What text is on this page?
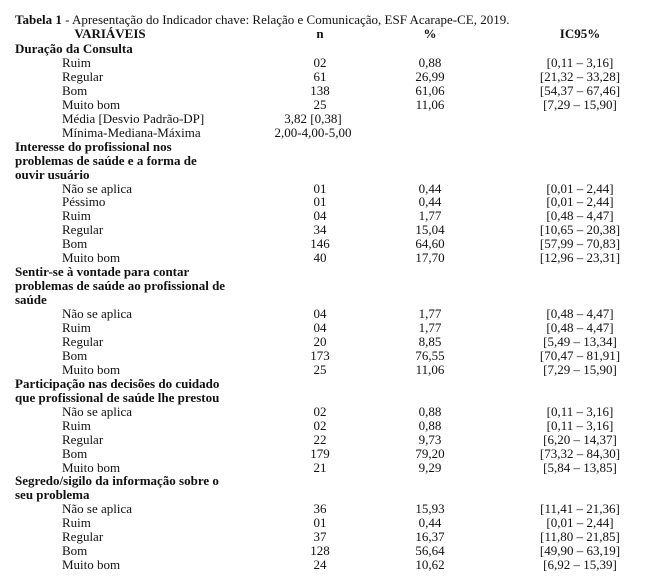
Tabela 1 - Apresentação do Indicador chave: Relação e Comunicação, ESF Acarape-CE, 2019.
VARIÁVEIS	n	%	IC95%
Duração da Consulta
Ruim	02	0,88	[0,11 – 3,16]
Regular	61	26,99	[21,32 – 33,28]
Bom	138	61,06	[54,37 – 67,46]
Muito bom	25	11,06	[7,29 – 15,90]
Média [Desvio Padrão-DP]	3,82 [0,38]
Mínima-Mediana-Máxima	2,00-4,00-5,00
Interesse do profissional nos
problemas de saúde e a forma de
ouvir usuário
Não se aplica	01	0,44	[0,01 – 2,44]
Péssimo	01	0,44	[0,01 – 2,44]
Ruim	04	1,77	[0,48 – 4,47]
Regular	34	15,04	[10,65 – 20,38]
Bom	146	64,60	[57,99 – 70,83]
Muito bom	40	17,70	[12,96 – 23,31]
Sentir-se à vontade para contar
problemas de saúde ao profissional de
saúde
Não se aplica	04	1,77	[0,48 – 4,47]
Ruim	04	1,77	[0,48 – 4,47]
Regular	20	8,85	[5,49 – 13,34]
Bom	173	76,55	[70,47 – 81,91]
Muito bom	25	11,06	[7,29 – 15,90]
Participação nas decisões do cuidado
que profissional de saúde lhe prestou
Não se aplica	02	0,88	[0,11 – 3,16]
Ruim	02	0,88	[0,11 – 3,16]
Regular	22	9,73	[6,20 – 14,37]
Bom	179	79,20	[73,32 – 84,30]
Muito bom	21	9,29	[5,84 – 13,85]
Segredo/sigilo da informação sobre o
seu problema
Não se aplica	36	15,93	[11,41 – 21,36]
Ruim	01	0,44	[0,01 – 2,44]
Regular	37	16,37	[11,80 – 21,85]
Bom	128	56,64	[49,90 – 63,19]
Muito bom	24	10,62	[6,92 – 15,39]
